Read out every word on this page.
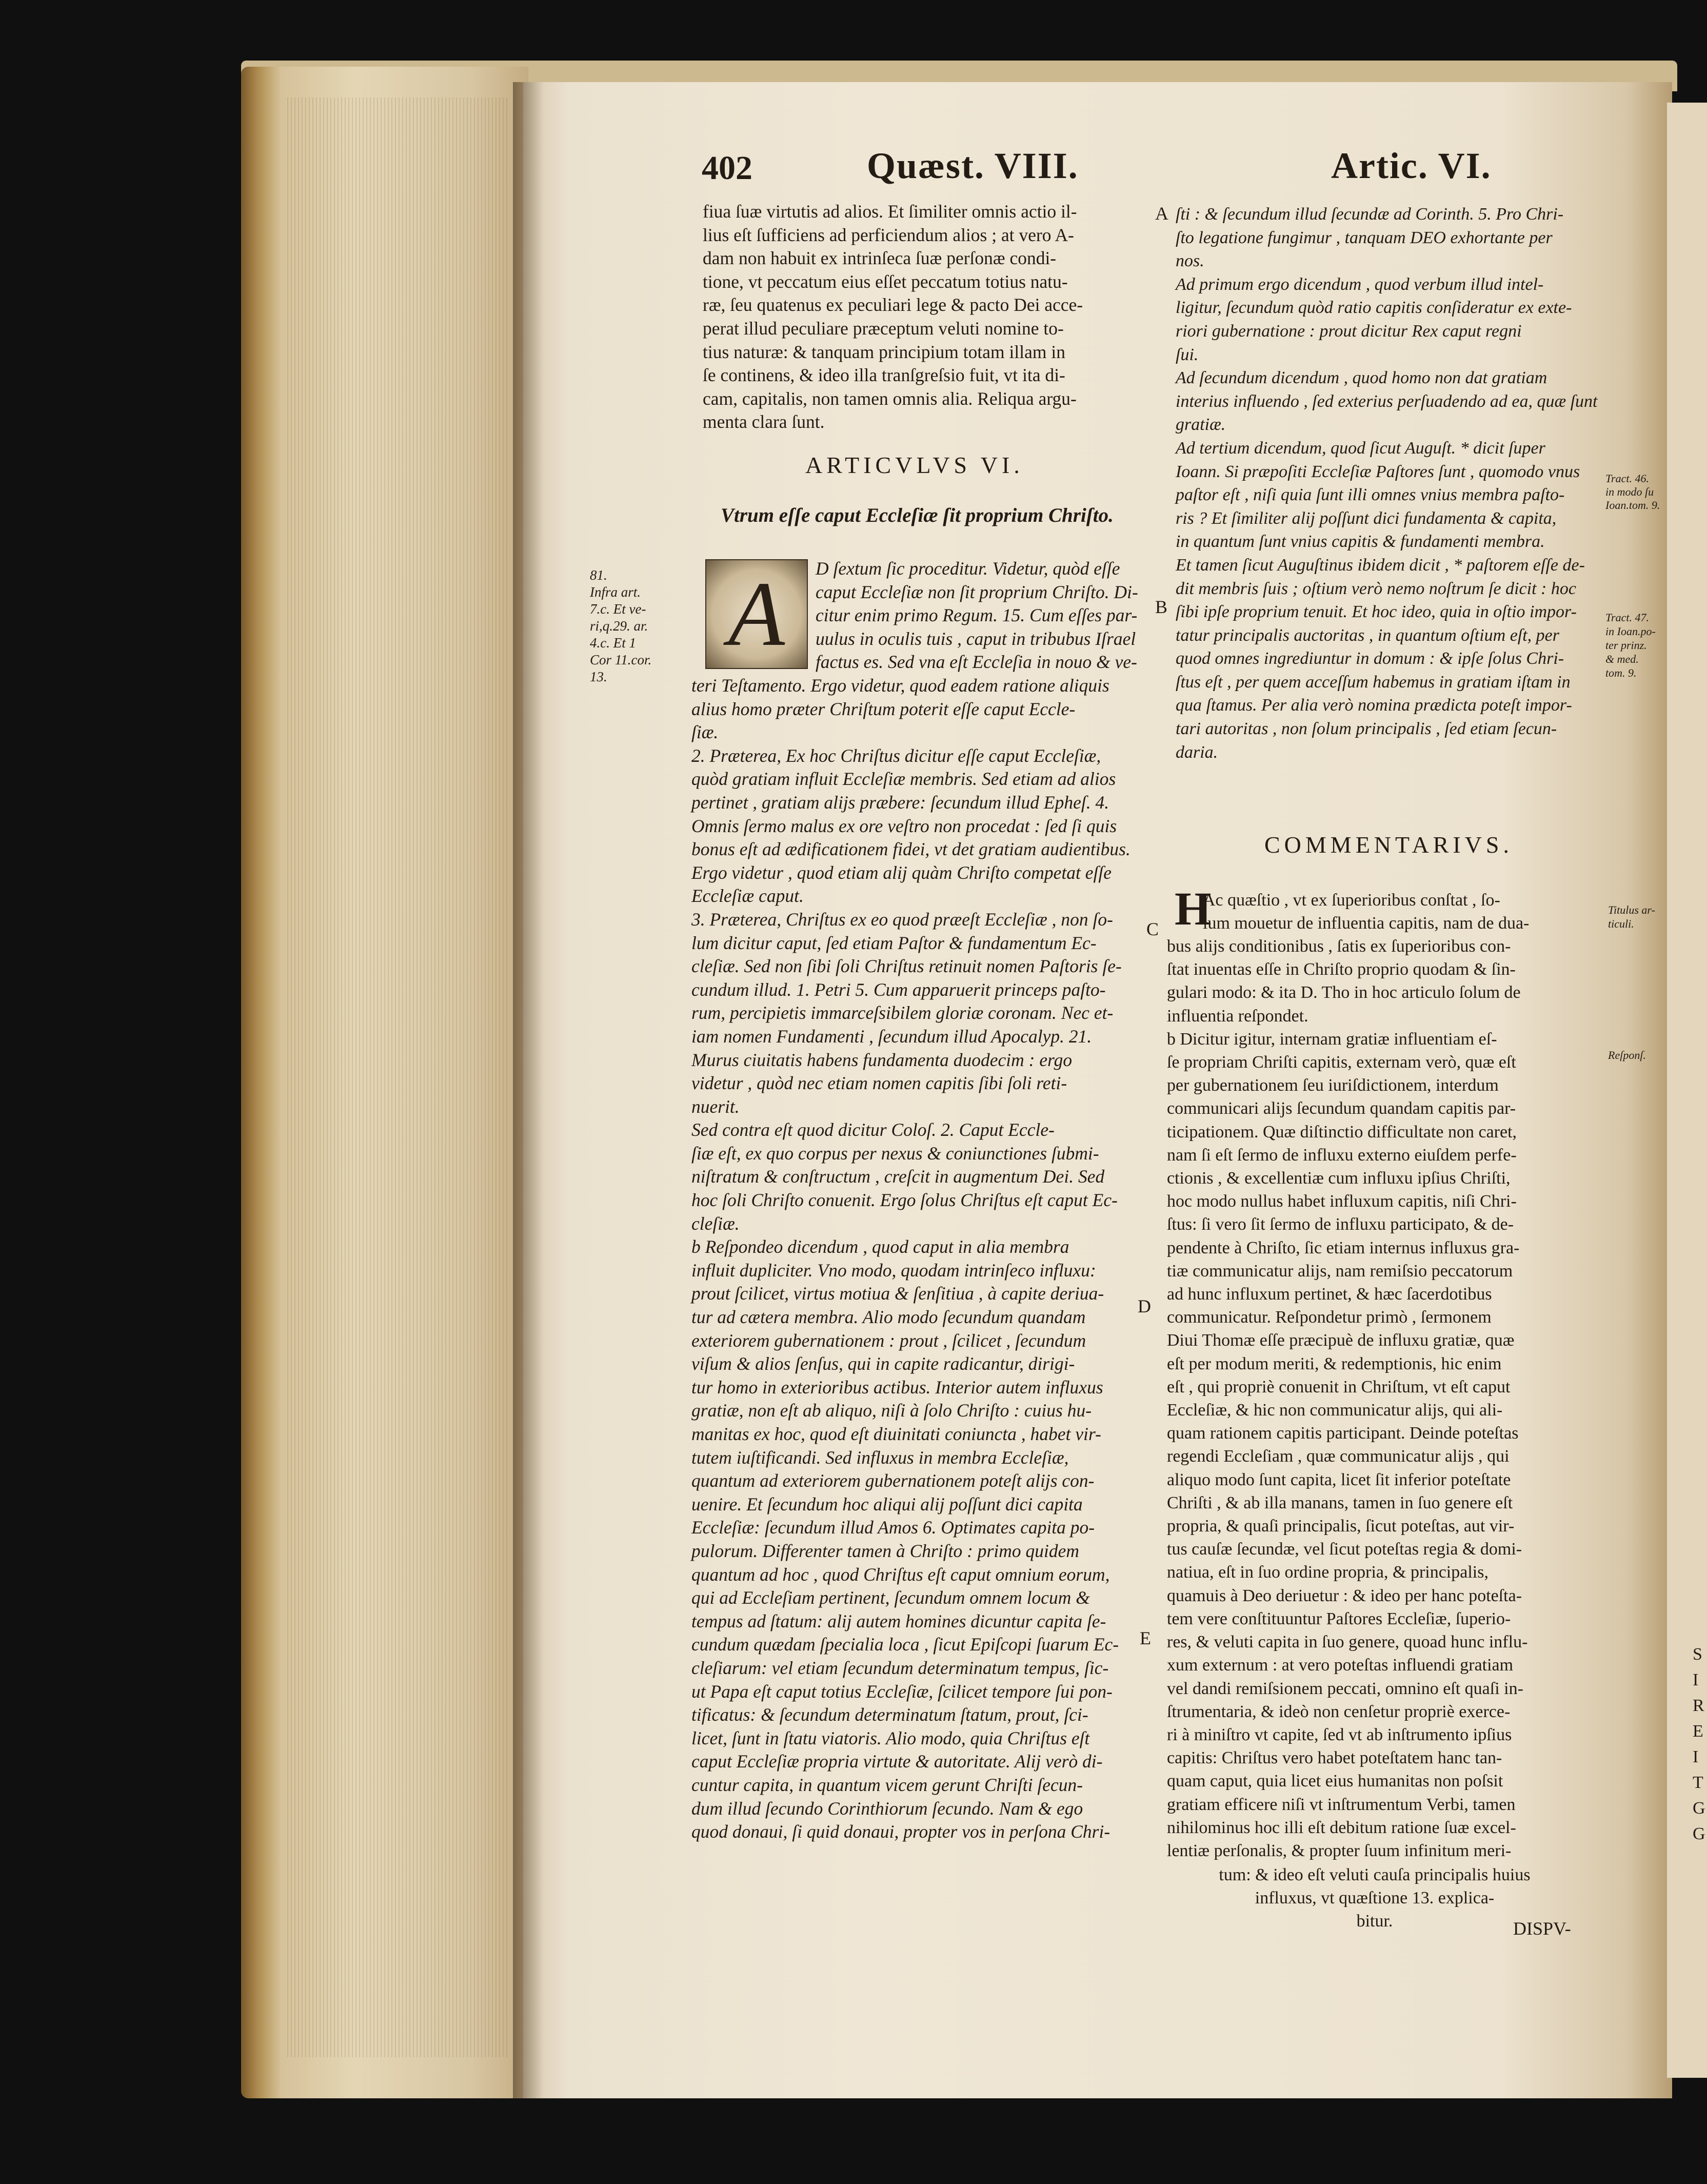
402	Quæst. VIII.	Artic. VI.
fiua ſuæ virtutis ad alios. Et ſimiliter omnis actio il-
lius eſt ſufficiens ad perficiendum alios ; at vero A-
dam non habuit ex intrinſeca ſuæ perſonæ condi-
tione, vt peccatum eius eſſet peccatum totius natu-
ræ, ſeu quatenus ex peculiari lege & pacto Dei acce-
perat illud peculiare præceptum veluti nomine to-
tius naturæ: & tanquam principium totam illam in
ſe continens, & ideo illa tranſgreſsio fuit, vt ita di-
cam, capitalis, non tamen omnis alia. Reliqua argu-
menta clara ſunt.
ARTICVLVS VI.
Vtrum eſſe caput Eccleſiæ ſit proprium Chriſto.
A	D ſextum ſic proceditur. Videtur, quòd eſſe
caput Eccleſiæ non ſit proprium Chriſto. Di-
citur enim primo Regum. 15. Cum eſſes par-
uulus in oculis tuis , caput in tribubus Iſrael
factus es. Sed vna eſt Eccleſia in nouo & ve-
teri Teſtamento. Ergo videtur, quod eadem ratione aliquis
alius homo præter Chriſtum poterit eſſe caput Eccle-
ſiæ.
2. Præterea, Ex hoc Chriſtus dicitur eſſe caput Eccleſiæ,
quòd gratiam influit Eccleſiæ membris. Sed etiam ad alios
pertinet , gratiam alijs præbere: ſecundum illud Epheſ. 4.
Omnis ſermo malus ex ore veſtro non procedat : ſed ſi quis
bonus eſt ad ædificationem fidei, vt det gratiam audientibus.
Ergo videtur , quod etiam alij quàm Chriſto competat eſſe
Eccleſiæ caput.
3. Præterea, Chriſtus ex eo quod præeſt Eccleſiæ , non ſo-
lum dicitur caput, ſed etiam Paſtor & fundamentum Ec-
cleſiæ. Sed non ſibi ſoli Chriſtus retinuit nomen Paſtoris ſe-
cundum illud. 1. Petri 5. Cum apparuerit princeps paſto-
rum, percipietis immarceſsibilem gloriæ coronam. Nec et-
iam nomen Fundamenti , ſecundum illud Apocalyp. 21.
Murus ciuitatis habens fundamenta duodecim : ergo
videtur , quòd nec etiam nomen capitis ſibi ſoli reti-
nuerit.
Sed contra eſt quod dicitur Coloſ. 2. Caput Eccle-
ſiæ eſt, ex quo corpus per nexus & coniunctiones ſubmi-
niſtratum & conſtructum , creſcit in augmentum Dei. Sed
hoc ſoli Chriſto conuenit. Ergo ſolus Chriſtus eſt caput Ec-
cleſiæ.
b Reſpondeo dicendum , quod caput in alia membra
influit dupliciter. Vno modo, quodam intrinſeco influxu:
prout ſcilicet, virtus motiua & ſenſitiua , à capite deriua-
tur ad cætera membra. Alio modo ſecundum quandam
exteriorem gubernationem : prout , ſcilicet , ſecundum
viſum & alios ſenſus, qui in capite radicantur, dirigi-
tur homo in exterioribus actibus. Interior autem influxus
gratiæ, non eſt ab aliquo, niſi à ſolo Chriſto : cuius hu-
manitas ex hoc, quod eſt diuinitati coniuncta , habet vir-
tutem iuſtificandi. Sed influxus in membra Eccleſiæ,
quantum ad exteriorem gubernationem poteſt alijs con-
uenire. Et ſecundum hoc aliqui alij poſſunt dici capita
Eccleſiæ: ſecundum illud Amos 6. Optimates capita po-
pulorum. Differenter tamen à Chriſto : primo quidem
quantum ad hoc , quod Chriſtus eſt caput omnium eorum,
qui ad Eccleſiam pertinent, ſecundum omnem locum &
tempus ad ſtatum: alij autem homines dicuntur capita ſe-
cundum quædam ſpecialia loca , ſicut Epiſcopi ſuarum Ec-
cleſiarum: vel etiam ſecundum determinatum tempus, ſic-
ut Papa eſt caput totius Eccleſiæ, ſcilicet tempore ſui pon-
tificatus: & ſecundum determinatum ſtatum, prout, ſci-
licet, ſunt in ſtatu viatoris. Alio modo, quia Chriſtus eſt
caput Eccleſiæ propria virtute & autoritate. Alij verò di-
cuntur capita, in quantum vicem gerunt Chriſti ſecun-
dum illud ſecundo Corinthiorum ſecundo. Nam & ego
quod donaui, ſi quid donaui, propter vos in perſona Chri-
81.
Infra art.
7.c. Et ve-
ri,q.29. ar.
4.c. Et 1
Cor 11.cor.
13.
A
B
C
D
E
ſti : & ſecundum illud ſecundæ ad Corinth. 5. Pro Chri-
ſto legatione fungimur , tanquam DEO exhortante per
nos.
Ad primum ergo dicendum , quod verbum illud intel-
ligitur, ſecundum quòd ratio capitis conſideratur ex exte-
riori gubernatione : prout dicitur Rex caput regni
ſui.
Ad ſecundum dicendum , quod homo non dat gratiam
interius influendo , ſed exterius perſuadendo ad ea, quæ ſunt
gratiæ.
Ad tertium dicendum, quod ſicut Auguſt. * dicit ſuper
Ioann. Si præpoſiti Eccleſiæ Paſtores ſunt , quomodo vnus
paſtor eſt , niſi quia ſunt illi omnes vnius membra paſto-
ris ? Et ſimiliter alij poſſunt dici fundamenta & capita,
in quantum ſunt vnius capitis & fundamenti membra.
Et tamen ſicut Auguſtinus ibidem dicit , * paſtorem eſſe de-
dit membris ſuis ; oſtium verò nemo noſtrum ſe dicit : hoc
ſibi ipſe proprium tenuit. Et hoc ideo, quia in oſtio impor-
tatur principalis auctoritas , in quantum oſtium eſt, per
quod omnes ingrediuntur in domum : & ipſe ſolus Chri-
ſtus eſt , per quem acceſſum habemus in gratiam iſtam in
qua ſtamus. Per alia verò nomina prædicta poteſt impor-
tari autoritas , non ſolum principalis , ſed etiam ſecun-
daria.
Tract. 46.
in modo ſu
Ioan.tom. 9.
Tract. 47.
in Ioan.po-
ter prinz.
& med.
tom. 9.
Titulus ar-
ticuli.
Reſponſ.
COMMENTARIVS.
H
Ac quæſtio , vt ex ſuperioribus conſtat , ſo-
lum mouetur de influentia capitis, nam de dua-
bus alijs conditionibus , ſatis ex ſuperioribus con-
ſtat inuentas eſſe in Chriſto proprio quodam & ſin-
gulari modo: & ita D. Tho in hoc articulo ſolum de
influentia reſpondet.
b Dicitur igitur, internam gratiæ influentiam eſ-
ſe propriam Chriſti capitis, externam verò, quæ eſt
per gubernationem ſeu iuriſdictionem, interdum
communicari alijs ſecundum quandam capitis par-
ticipationem. Quæ diſtinctio difficultate non caret,
nam ſi eſt ſermo de influxu externo eiuſdem perfe-
ctionis , & excellentiæ cum influxu ipſius Chriſti,
hoc modo nullus habet influxum capitis, niſi Chri-
ſtus: ſi vero ſit ſermo de influxu participato, & de-
pendente à Chriſto, ſic etiam internus influxus gra-
tiæ communicatur alijs, nam remiſsio peccatorum
ad hunc influxum pertinet, & hæc ſacerdotibus
communicatur. Reſpondetur primò , ſermonem
Diui Thomæ eſſe præcipuè de influxu gratiæ, quæ
eſt per modum meriti, & redemptionis, hic enim
eſt , qui propriè conuenit in Chriſtum, vt eſt caput
Eccleſiæ, & hic non communicatur alijs, qui ali-
quam rationem capitis participant. Deinde poteſtas
regendi Eccleſiam , quæ communicatur alijs , qui
aliquo modo ſunt capita, licet ſit inferior poteſtate
Chriſti , & ab illa manans, tamen in ſuo genere eſt
propria, & quaſi principalis, ſicut poteſtas, aut vir-
tus cauſæ ſecundæ, vel ſicut poteſtas regia & domi-
natiua, eſt in ſuo ordine propria, & principalis,
quamuis à Deo deriuetur : & ideo per hanc poteſta-
tem vere conſtituuntur Paſtores Eccleſiæ, ſuperio-
res, & veluti capita in ſuo genere, quoad hunc influ-
xum externum : at vero poteſtas influendi gratiam
vel dandi remiſsionem peccati, omnino eſt quaſi in-
ſtrumentaria, & ideò non cenſetur propriè exerce-
ri à miniſtro vt capite, ſed vt ab inſtrumento ipſius
capitis: Chriſtus vero habet poteſtatem hanc tan-
quam caput, quia licet eius humanitas non poſsit
gratiam efficere niſi vt inſtrumentum Verbi, tamen
nihilominus hoc illi eſt debitum ratione ſuæ excel-
lentiæ perſonalis, & propter ſuum infinitum meri-
tum: & ideo eſt veluti cauſa principalis huius
influxus, vt quæſtione 13. explica-
bitur.	DISPV-
S
I
R
E
I
T
G
G
